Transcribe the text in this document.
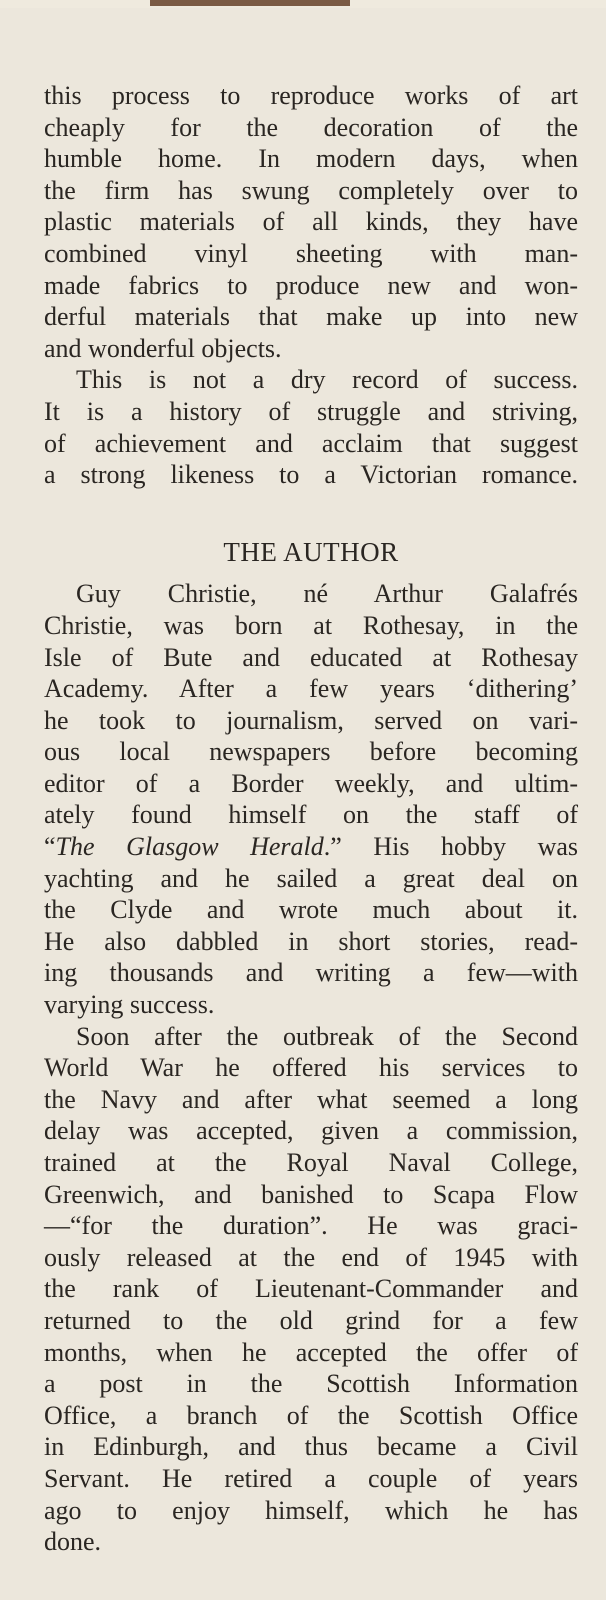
this process to reproduce works of art
cheaply for the decoration of the
humble home. In modern days, when
the firm has swung completely over to
plastic materials of all kinds, they have
combined vinyl sheeting with man-
made fabrics to produce new and won-
derful materials that make up into new
and wonderful objects.
This is not a dry record of success.
It is a history of struggle and striving,
of achievement and acclaim that suggest
a strong likeness to a Victorian romance.
THE AUTHOR
Guy Christie, né Arthur Galafrés
Christie, was born at Rothesay, in the
Isle of Bute and educated at Rothesay
Academy. After a few years ‘dithering’
he took to journalism, served on vari-
ous local newspapers before becoming
editor of a Border weekly, and ultim-
ately found himself on the staff of
“The Glasgow Herald.” His hobby was
yachting and he sailed a great deal on
the Clyde and wrote much about it.
He also dabbled in short stories, read-
ing thousands and writing a few—with
varying success.
Soon after the outbreak of the Second
World War he offered his services to
the Navy and after what seemed a long
delay was accepted, given a commission,
trained at the Royal Naval College,
Greenwich, and banished to Scapa Flow
—“for the duration”. He was graci-
ously released at the end of 1945 with
the rank of Lieutenant-Commander and
returned to the old grind for a few
months, when he accepted the offer of
a post in the Scottish Information
Office, a branch of the Scottish Office
in Edinburgh, and thus became a Civil
Servant. He retired a couple of years
ago to enjoy himself, which he has
done.
